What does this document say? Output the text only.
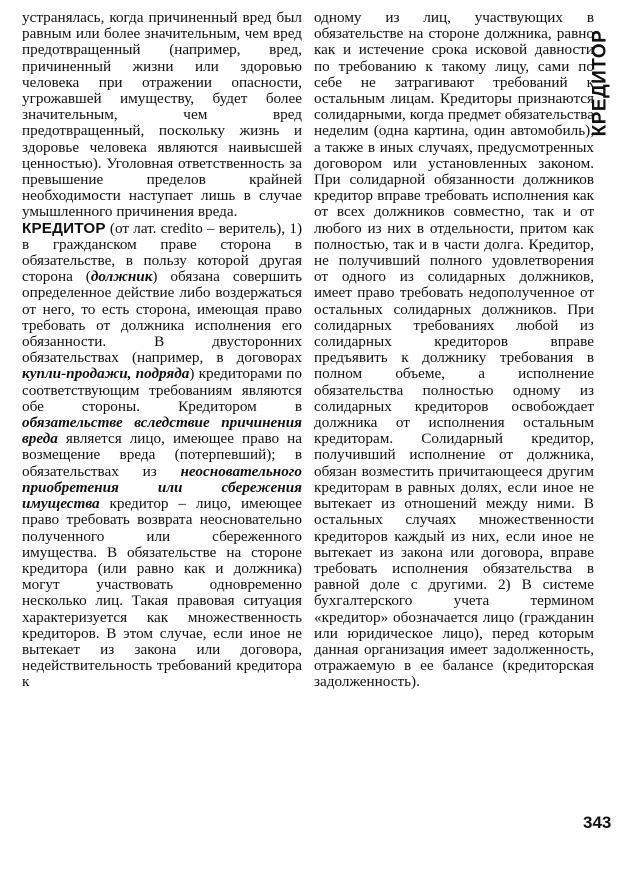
устранялась, когда причиненный вред был равным или более значительным, чем вред предотвращенный (например, вред, причиненный жизни или здоровью человека при отражении опасности, угрожавшей имуществу, будет более значительным, чем вред предотвращенный, поскольку жизнь и здоровье человека являются наивысшей ценностью). Уголовная ответственность за превышение пределов крайней необходимости наступает лишь в случае умышленного причинения вреда.

КРЕДИТОР (от лат. credito – веритель), 1) в гражданском праве сторона в обязательстве, в пользу которой другая сторона (должник) обязана совершить определенное действие либо воздержаться от него, то есть сторона, имеющая право требовать от должника исполнения его обязанности. В двусторонних обязательствах (например, в договорах купли-продажи, подряда) кредиторами по соответствующим требованиям являются обе стороны. Кредитором в обязательстве вследствие причинения вреда является лицо, имеющее право на возмещение вреда (потерпевший); в обязательствах из неосновательного приобретения или сбережения имущества кредитор – лицо, имеющее право требовать возврата неосновательно полученного или сбереженного имущества. В обязательстве на стороне кредитора (или равно как и должника) могут участвовать одновременно несколько лиц. Такая правовая ситуация характеризуется как множественность кредиторов. В этом случае, если иное не вытекает из закона или договора, недействительность требований кредитора к

одному из лиц, участвующих в обязательстве на стороне должника, равно как и истечение срока исковой давности по требованию к такому лицу, сами по себе не затрагивают требований к остальным лицам. Кредиторы признаются солидарными, когда предмет обязательства неделим (одна картина, один автомобиль), а также в иных случаях, предусмотренных договором или установленных законом. При солидарной обязанности должников кредитор вправе требовать исполнения как от всех должников совместно, так и от любого из них в отдельности, притом как полностью, так и в части долга. Кредитор, не получивший полного удовлетворения от одного из солидарных должников, имеет право требовать недополученное от остальных солидарных должников. При солидарных требованиях любой из солидарных кредиторов вправе предъявить к должнику требования в полном объеме, а исполнение обязательства полностью одному из солидарных кредиторов освобождает должника от исполнения остальным кредиторам. Солидарный кредитор, получивший исполнение от должника, обязан возместить причитающееся другим кредиторам в равных долях, если иное не вытекает из отношений между ними. В остальных случаях множественности кредиторов каждый из них, если иное не вытекает из закона или договора, вправе требовать исполнения обязательства в равной доле с другими. 2) В системе бухгалтерского учета термином «кредитор» обозначается лицо (гражданин или юридическое лицо), перед которым данная организация имеет задолженность, отражаемую в ее балансе (кредиторская задолженность).

КРЕДИТОР
343
